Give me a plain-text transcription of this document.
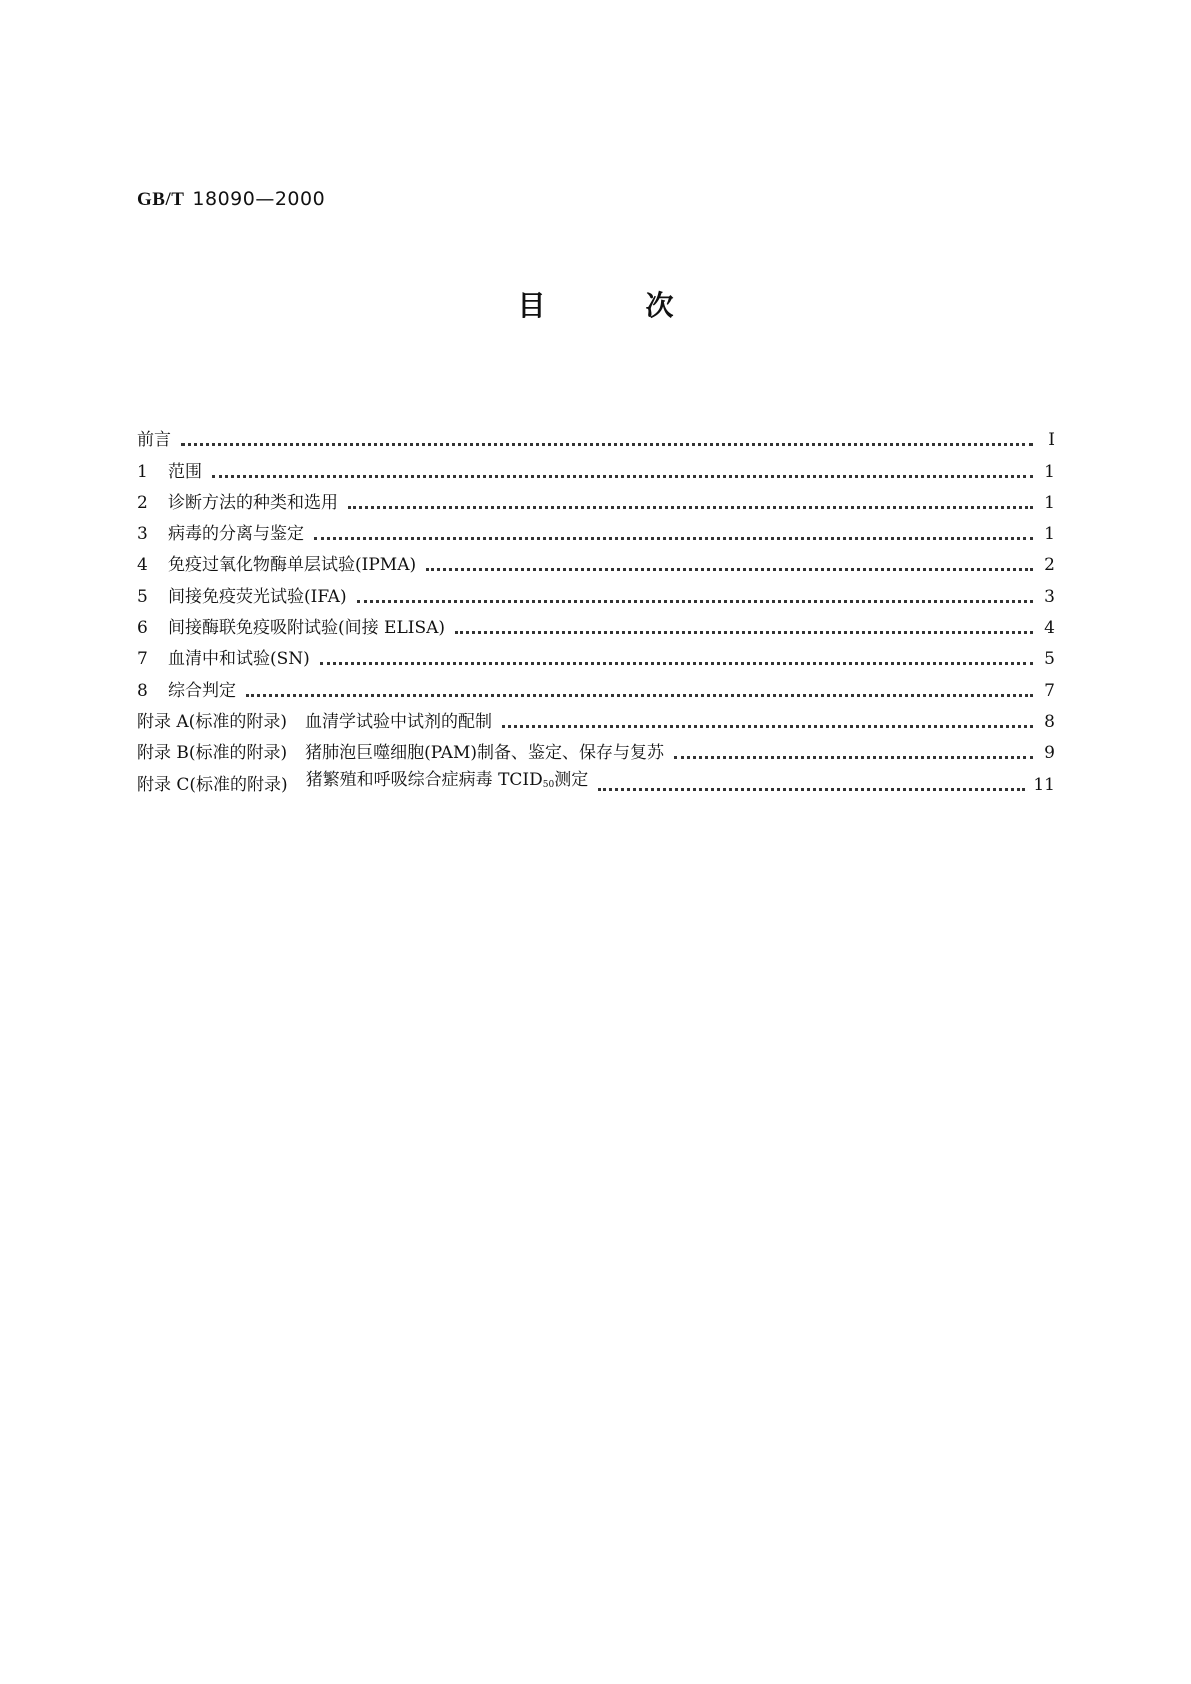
GB/T 18090—2000
目	次
前言	Ⅰ
1	范围	1
2	诊断方法的种类和选用	1
3	病毒的分离与鉴定	1
4	免疫过氧化物酶单层试验(IPMA)	2
5	间接免疫荧光试验(IFA)	3
6	间接酶联免疫吸附试验(间接 ELISA)	4
7	血清中和试验(SN)	5
8	综合判定	7
附录 A(标准的附录) 血清学试验中试剂的配制	8
附录 B(标准的附录) 猪肺泡巨噬细胞(PAM)制备、鉴定、保存与复苏	9
附录 C(标准的附录) 猪繁殖和呼吸综合症病毒 $TCID_{50}$测定	11
